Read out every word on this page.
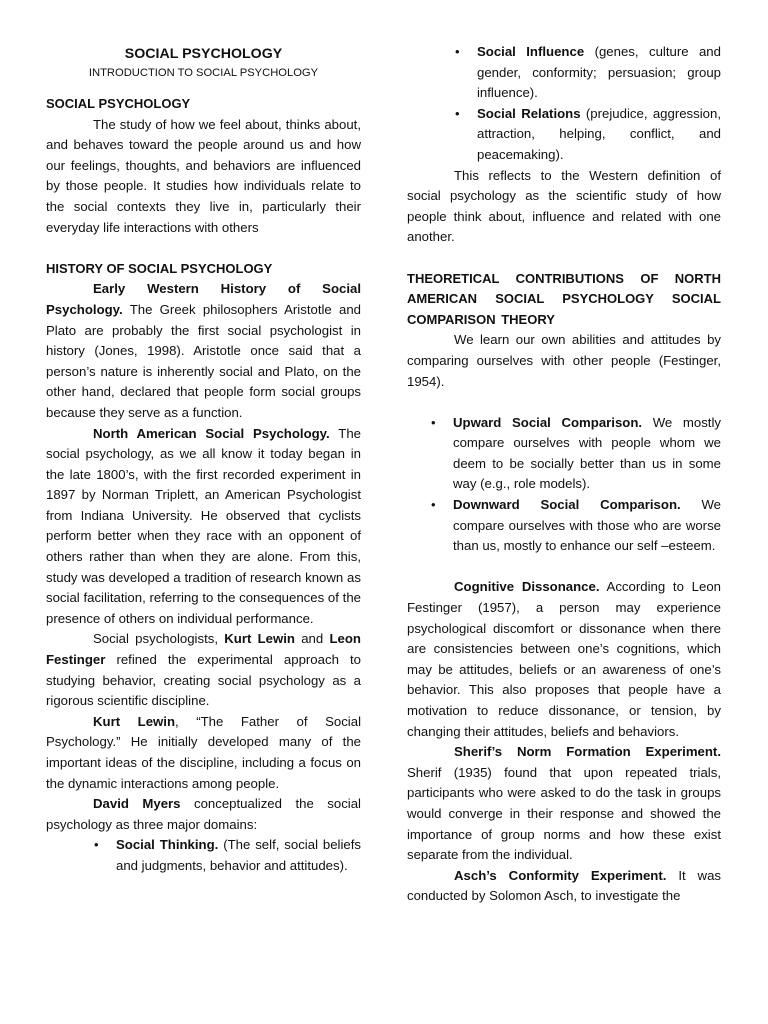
SOCIAL PSYCHOLOGY
INTRODUCTION TO SOCIAL PSYCHOLOGY
SOCIAL PSYCHOLOGY

The study of how we feel about, thinks about, and behaves toward the people around us and how our feelings, thoughts, and behaviors are influenced by those people. It studies how individuals relate to the social contexts they live in, particularly their everyday life interactions with others

HISTORY OF SOCIAL PSYCHOLOGY

Early Western History of Social Psychology. The Greek philosophers Aristotle and Plato are probably the first social psychologist in history (Jones, 1998). Aristotle once said that a person’s nature is inherently social and Plato, on the other hand, declared that people form social groups because they serve as a function.

North American Social Psychology. The social psychology, as we all know it today began in the late 1800’s, with the first recorded experiment in 1897 by Norman Triplett, an American Psychologist from Indiana University. He observed that cyclists perform better when they race with an opponent of others rather than when they are alone. From this, study was developed a tradition of research known as social facilitation, referring to the consequences of the presence of others on individual performance.

Social psychologists, Kurt Lewin and Leon Festinger refined the experimental approach to studying behavior, creating social psychology as a rigorous scientific discipline.

Kurt Lewin, “The Father of Social Psychology.” He initially developed many of the important ideas of the discipline, including a focus on the dynamic interactions among people.

David Myers conceptualized the social psychology as three major domains:

• Social Thinking. (The self, social beliefs and judgments, behavior and attitudes).
• Social Influence (genes, culture and gender, conformity; persuasion; group influence).
• Social Relations (prejudice, aggression, attraction, helping, conflict, and peacemaking).

This reflects to the Western definition of social psychology as the scientific study of how people think about, influence and related with one another.

THEORETICAL CONTRIBUTIONS OF NORTH AMERICAN SOCIAL PSYCHOLOGY SOCIAL COMPARISON THEORY

We learn our own abilities and attitudes by comparing ourselves with other people (Festinger, 1954).

• Upward Social Comparison. We mostly compare ourselves with people whom we deem to be socially better than us in some way (e.g., role models).
• Downward Social Comparison. We compare ourselves with those who are worse than us, mostly to enhance our self –esteem.

Cognitive Dissonance. According to Leon Festinger (1957), a person may experience psychological discomfort or dissonance when there are consistencies between one’s cognitions, which may be attitudes, beliefs or an awareness of one’s behavior. This also proposes that people have a motivation to reduce dissonance, or tension, by changing their attitudes, beliefs and behaviors.

Sherif’s Norm Formation Experiment. Sherif (1935) found that upon repeated trials, participants who were asked to do the task in groups would converge in their response and showed the importance of group norms and how these exist separate from the individual.

Asch’s Conformity Experiment. It was conducted by Solomon Asch, to investigate the
